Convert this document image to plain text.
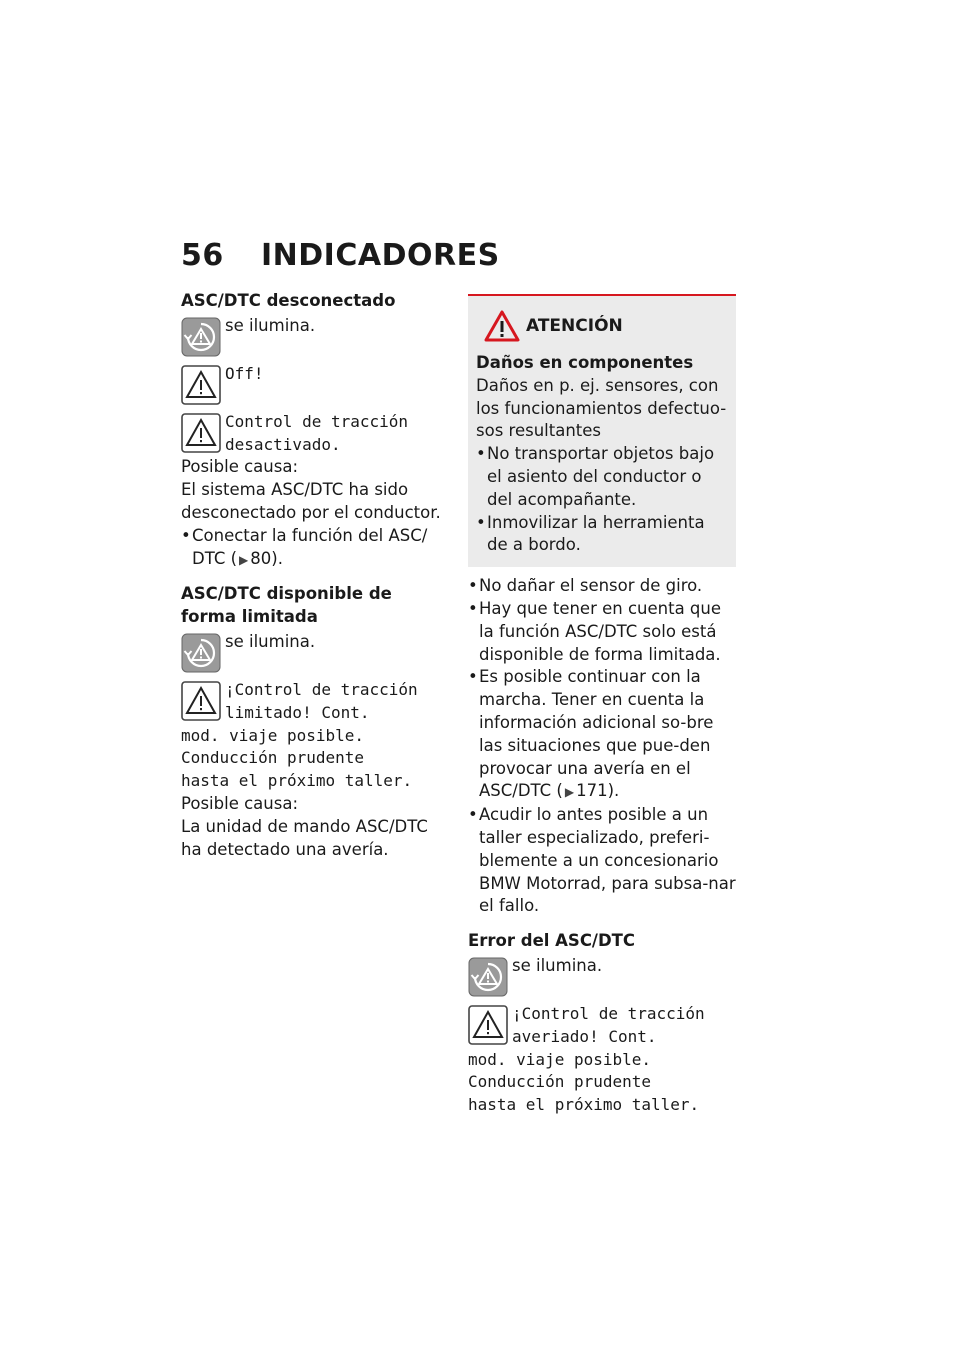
56 INDICADORES
ASC/DTC desconectado
se ilumina.
Off!
Control de tracción
desactivado.

Posible causa:

El sistema ASC/DTC ha sido desconectado por el conductor.

• Conectar la función del ASC/ DTC ( ▶ 80).
ASC/DTC disponible de forma limitada
se ilumina.
¡Control de tracción
limitado! Cont.
mod. viaje posible.
Conducción prudente
hasta el próximo taller.

Posible causa:

La unidad de mando ASC/DTC ha detectado una avería.

ATENCIÓN
Daños en componentes

Daños en p. ej. sensores, con los funcionamientos defectuo-sos resultantes

• No transportar objetos bajo el asiento del conductor o del acompañante.
• Inmovilizar la herramienta de a bordo.
• No dañar el sensor de giro.
• Hay que tener en cuenta que la función ASC/DTC solo está disponible de forma limitada.
• Es posible continuar con la marcha. Tener en cuenta la información adicional so-bre las situaciones que pue-den provocar una avería en el ASC/DTC ( ▶ 171).
• Acudir lo antes posible a un taller especializado, preferi-blemente a un concesionario BMW Motorrad, para subsa-nar el fallo.
Error del ASC/DTC
se ilumina.
¡Control de tracción
averiado! Cont.
mod. viaje posible.
Conducción prudente
hasta el próximo taller.
